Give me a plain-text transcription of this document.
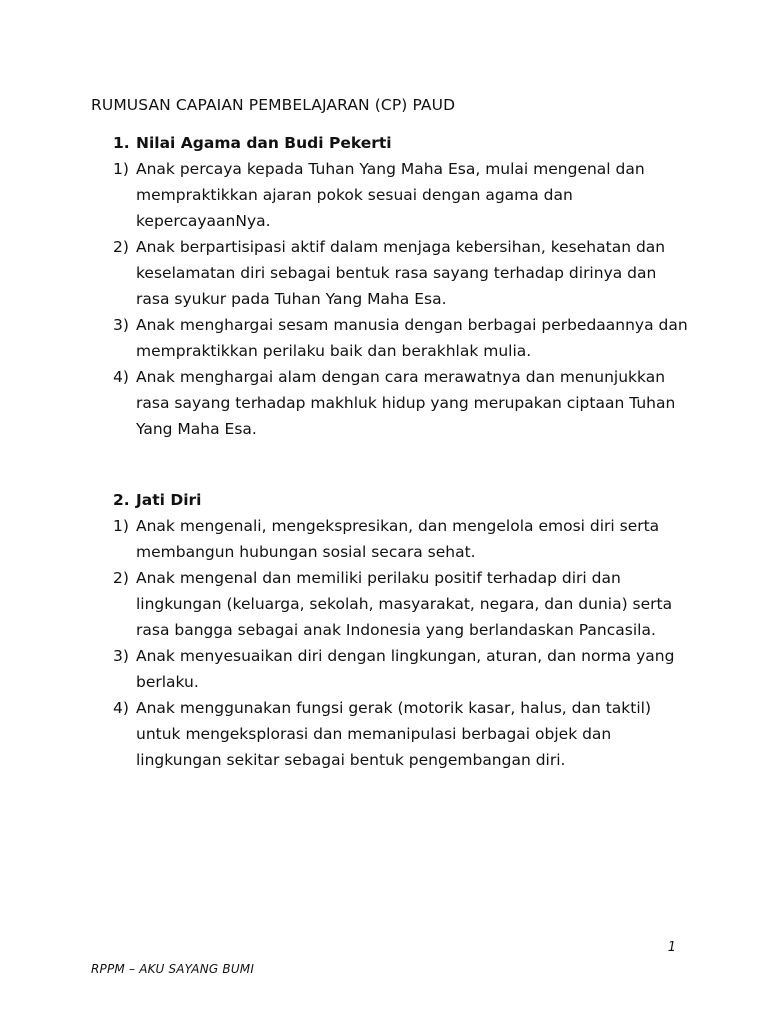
RUMUSAN CAPAIAN PEMBELAJARAN (CP) PAUD
1. Nilai Agama dan Budi Pekerti
1) Anak percaya kepada Tuhan Yang Maha Esa, mulai mengenal dan mempraktikkan ajaran pokok sesuai dengan agama dan kepercayaanNya.
2) Anak berpartisipasi aktif dalam menjaga kebersihan, kesehatan dan keselamatan diri sebagai bentuk rasa sayang terhadap dirinya dan rasa syukur pada Tuhan Yang Maha Esa.
3) Anak menghargai sesam manusia dengan berbagai perbedaannya dan mempraktikkan perilaku baik dan berakhlak mulia.
4) Anak menghargai alam dengan cara merawatnya dan menunjukkan rasa sayang terhadap makhluk hidup yang merupakan ciptaan Tuhan Yang Maha Esa.
2. Jati Diri
1) Anak mengenali, mengekspresikan, dan mengelola emosi diri serta membangun hubungan sosial secara sehat.
2) Anak mengenal dan memiliki perilaku positif terhadap diri dan lingkungan (keluarga, sekolah, masyarakat, negara, dan dunia) serta rasa bangga sebagai anak Indonesia yang berlandaskan Pancasila.
3) Anak menyesuaikan diri dengan lingkungan, aturan, dan norma yang berlaku.
4) Anak menggunakan fungsi gerak (motorik kasar, halus, dan taktil) untuk mengeksplorasi dan memanipulasi berbagai objek dan lingkungan sekitar sebagai bentuk pengembangan diri.
1
RPPM – AKU SAYANG BUMI
